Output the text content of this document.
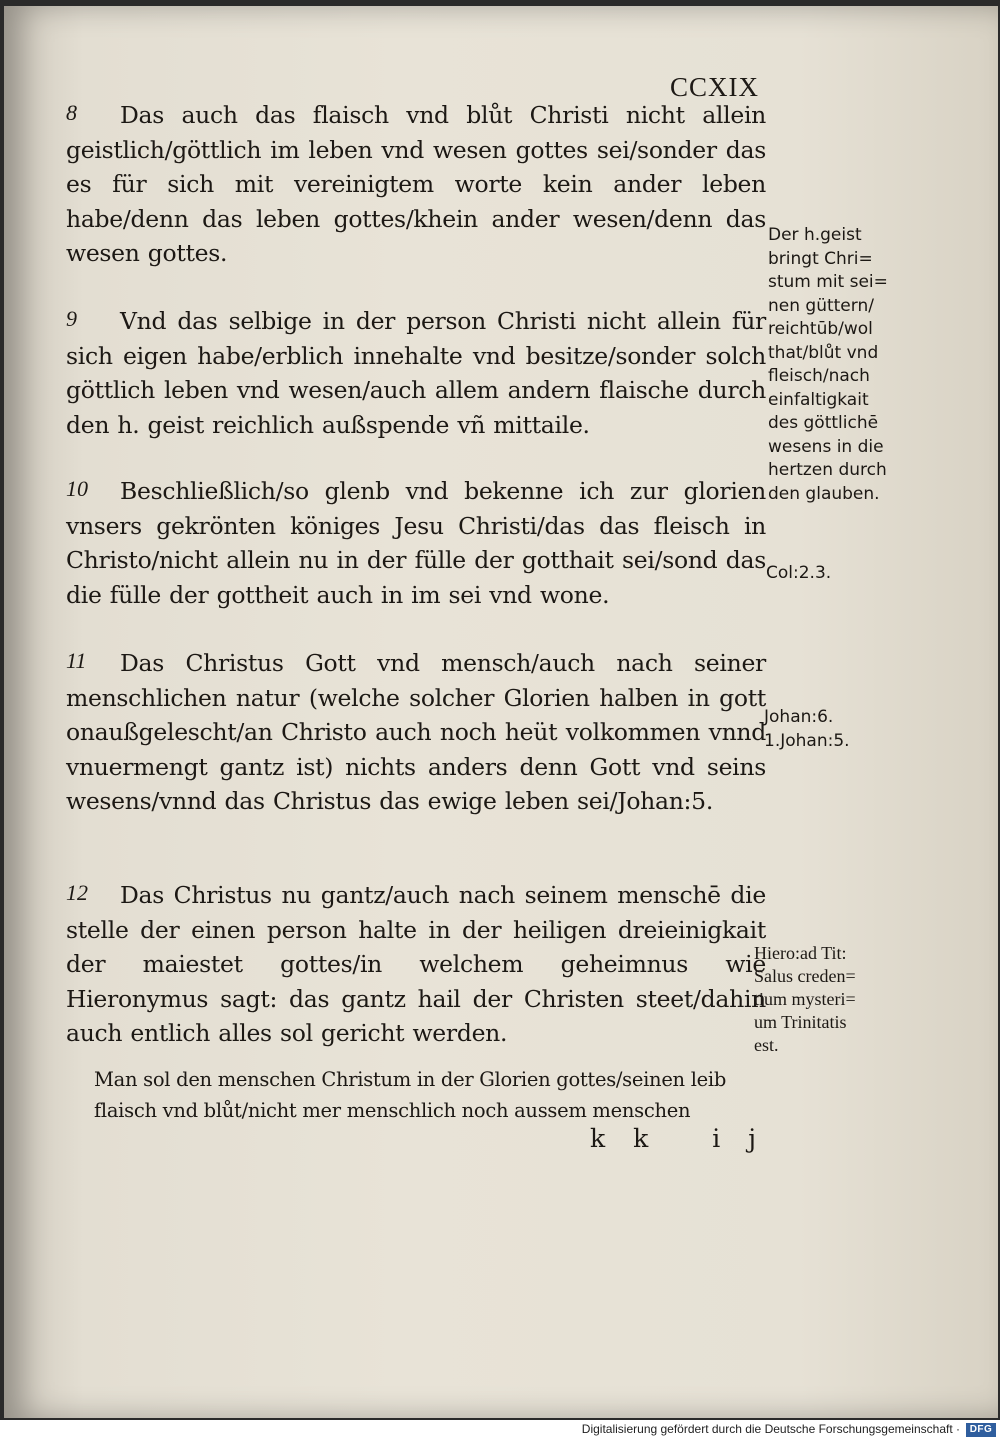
CCXIX
8	Das auch das flaisch vnd blůt Christi nicht allein geistlich/göttlich im leben vnd wesen gottes sei/sonder das es für sich mit vereinigtem worte kein ander leben habe/denn das leben gottes/khein ander wesen/denn das wesen gottes.

9	Vnd das selbige in der person Christi nicht allein für sich eigen habe/erblich innehalte vnd besitze/sonder solch göttlich leben vnd wesen/auch allem andern flaische durch den h. geist reichlich außspende vñ mittaile.

10	Beschließlich/so glenb vnd bekenne ich zur glorien vnsers gekrönten königes Jesu Christi/das das fleisch in Christo/nicht allein nu in der fülle der gotthait sei/sond das die fülle der gottheit auch in im sei vnd wone.

11	Das Christus Gott vnd mensch/auch nach seiner menschlichen natur (welche solcher Glorien halben in gott onaußgelescht/an Christo auch noch heüt volkommen vnnd vnuermengt gantz ist) nichts anders denn Gott vnd seins wesens/vnnd das Christus das ewige leben sei/Johan:5.

12	Das Christus nu gantz/auch nach seinem menschē die stelle der einen person halte in der heiligen dreieinigkait der maiestet gottes/in welchem geheimnus wie Hieronymus sagt: das gantz hail der Christen steet/dahin auch entlich alles sol gericht werden.

Man sol den menschen Christum in der Glorien gottes/seinen leib flaisch vnd blůt/nicht mer menschlich noch aussem menschen

kk ij

Der h.geist
bringt Chri=
stum mit sei=
nen güttern/
reichtūb/wol
that/blůt vnd
fleisch/nach
einfaltigkait
des göttlichē
wesens in die
hertzen durch
den glauben.

Col:2.3.

Johan:6.
1.Johan:5.

Hiero:ad Tit:
Salus creden=
tium mysteri=
um Trinitatis
est.

Digitalisierung gefördert durch die Deutsche Forschungsgemeinschaft · DFG
